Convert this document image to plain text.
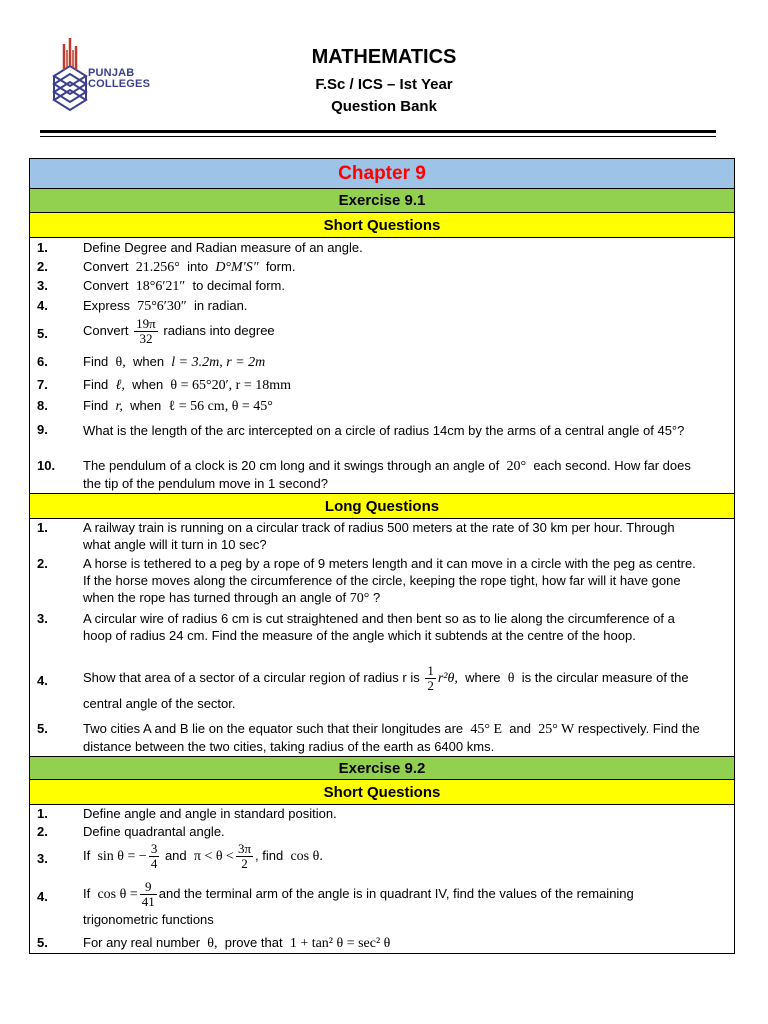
PUNJAB
COLLEGES
MATHEMATICS
F.Sc / ICS – Ist Year
Question Bank
Chapter 9
Exercise 9.1
Short Questions
1.	Define Degree and Radian measure of an angle.
2.	Convert 21.256° into D°M′S″ form.
3.	Convert 18°6′21″ to decimal form.
4.	Express 75°6′30″ in radian.
5.	Convert $\frac{19\pi}{32}$ radians into degree
6.	Find θ, when l = 3.2m, r = 2m
7.	Find ℓ, when θ = 65°20′, r = 18mm
8.	Find r, when ℓ = 56 cm, θ = 45°
9.	What is the length of the arc intercepted on a circle of radius 14cm by the arms of a central angle of 45°?
10. The pendulum of a clock is 20 cm long and it swings through an angle of 20° each second. How far does the tip of the pendulum move in 1 second?
Long Questions
1.	A railway train is running on a circular track of radius 500 meters at the rate of 30 km per hour. Through what angle will it turn in 10 sec?
2.	A horse is tethered to a peg by a rope of 9 meters length and it can move in a circle with the peg as centre. If the horse moves along the circumference of the circle, keeping the rope tight, how far will it have gone when the rope has turned through an angle of 70° ?
3.	A circular wire of radius 6 cm is cut straightened and then bent so as to lie along the circumference of a hoop of radius 24 cm. Find the measure of the angle which it subtends at the centre of the hoop.
4.	Show that area of a sector of a circular region of radius r is $\frac{1}{2} r^2\theta$, where θ is the circular measure of the central angle of the sector.
5.	Two cities A and B lie on the equator such that their longitudes are 45° E and 25° W respectively. Find the distance between the two cities, taking radius of the earth as 6400 kms.
Exercise 9.2
Short Questions
1.	Define angle and angle in standard position.
2.	Define quadrantal angle.
3.	If sin θ = − $\frac{3}{4}$ and $\pi < \theta < \frac{3\pi}{2}$ , find cos θ.
4.	If $\cos \theta = \frac{9}{41}$ and the terminal arm of the angle is in quadrant IV, find the values of the remaining trigonometric functions
5.	For any real number θ, prove that 1 + tan² θ = sec² θ
